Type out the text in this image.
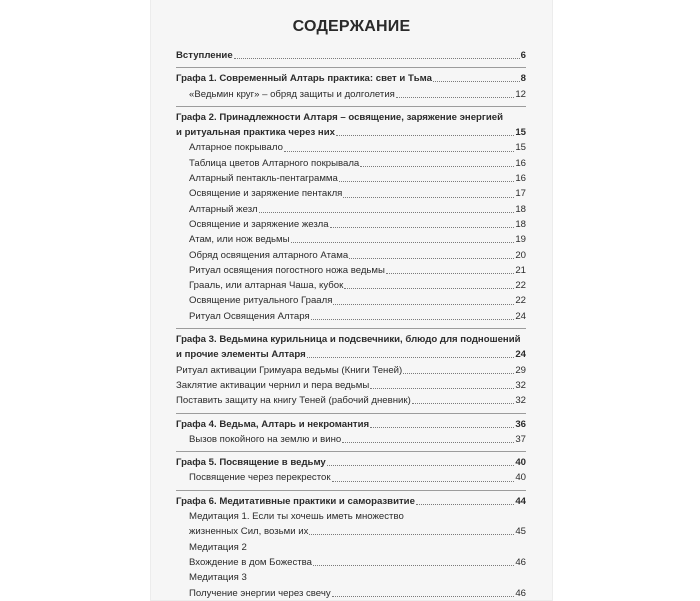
СОДЕРЖАНИЕ
Вступление	6
Графа 1. Современный Алтарь практика: свет и Тьма	8
«Ведьмин круг» – обряд защиты и долголетия	12
Графа 2. Принадлежности Алтаря – освящение, заряжение энергией
и ритуальная практика через них	15
Алтарное покрывало	15
Таблица цветов Алтарного покрывала	16
Алтарный пентакль-пентаграмма	16
Освящение и заряжение пентакля	17
Алтарный жезл	18
Освящение и заряжение жезла	18
Атам, или нож ведьмы	19
Обряд освящения алтарного Атама	20
Ритуал освящения погостного ножа ведьмы	21
Грааль, или алтарная Чаша, кубок	22
Освящение ритуального Грааля	22
Ритуал Освящения Алтаря	24
Графа 3. Ведьмина курильница и подсвечники, блюдо для подношений
и прочие элементы Алтаря	24
Ритуал активации Гримуара ведьмы (Книги Теней)	29
Заклятие активации чернил и пера ведьмы	32
Поставить защиту на книгу Теней (рабочий дневник)	32
Графа 4. Ведьма, Алтарь и некромантия	36
Вызов покойного на землю и вино	37
Графа 5. Посвящение в ведьму	40
Посвящение через перекресток	40
Графа 6. Медитативные практики и саморазвитие	44
Медитация 1. Если ты хочешь иметь множество
жизненных Сил, возьми их	45
Медитация 2
Вхождение в дом Божества	46
Медитация 3
Получение энергии через свечу	46
